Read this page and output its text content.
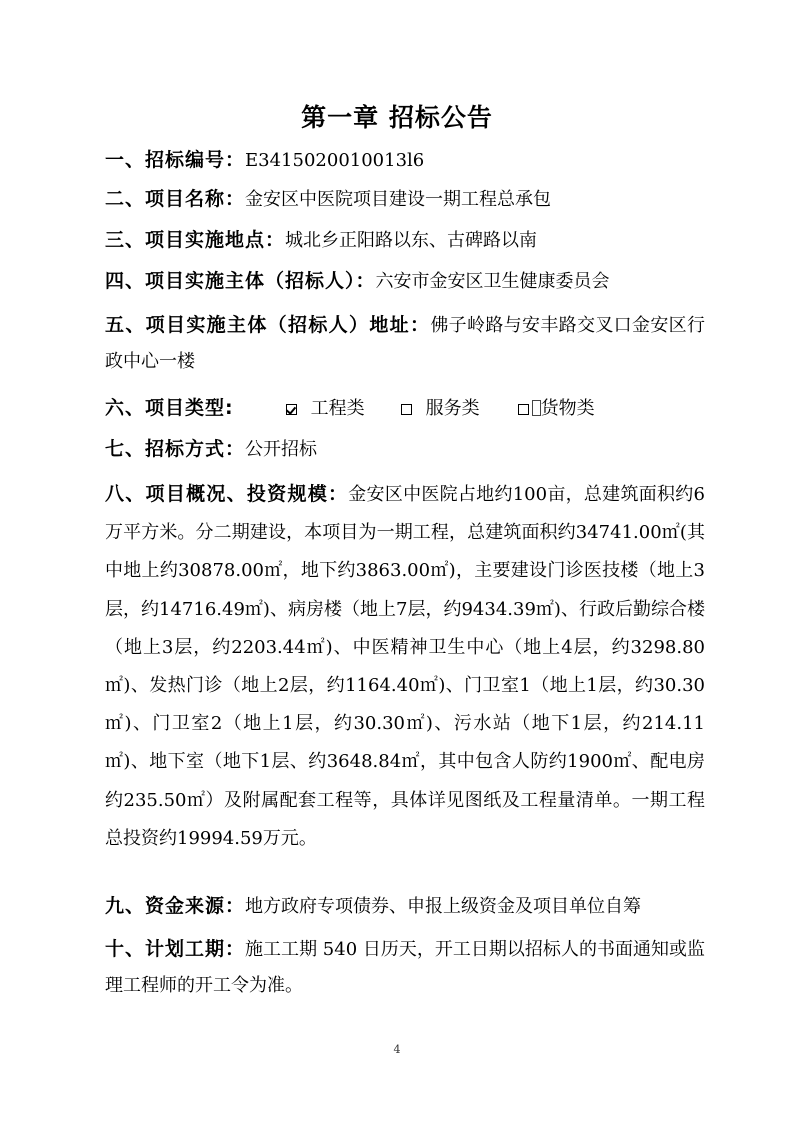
第一章 招标公告
一、招标编号：E3415020010013l6
二、项目名称：金安区中医院项目建设一期工程总承包
三、项目实施地点：城北乡正阳路以东、古碑路以南
四、项目实施主体（招标人）：六安市金安区卫生健康委员会
五、项目实施主体（招标人）地址：佛子岭路与安丰路交叉口金安区行政中心一楼
六、项目类型:	工程类	服务类	货物类
七、招标方式：公开招标
八、项目概况、投资规模：金安区中医院占地约100亩，总建筑面积约6万平方米。分二期建设，本项目为一期工程，总建筑面积约34741.00㎡(其中地上约30878.00㎡，地下约3863.00㎡)，主要建设门诊医技楼（地上3层，约14716.49㎡)、病房楼（地上7层，约9434.39㎡)、行政后勤综合楼（地上3层，约2203.44㎡)、中医精神卫生中心（地上4层，约3298.80㎡)、发热门诊（地上2层，约1164.40㎡)、门卫室1（地上1层，约30.30㎡)、门卫室2（地上1层，约30.30㎡)、污水站（地下1层，约214.11㎡)、地下室（地下1层、约3648.84㎡，其中包含人防约1900㎡、配电房约235.50㎡）及附属配套工程等，具体详见图纸及工程量清单。一期工程总投资约19994.59万元。
九、资金来源：地方政府专项债券、申报上级资金及项目单位自筹
十、计划工期：施工工期 540 日历天，开工日期以招标人的书面通知或监理工程师的开工令为准。
4
